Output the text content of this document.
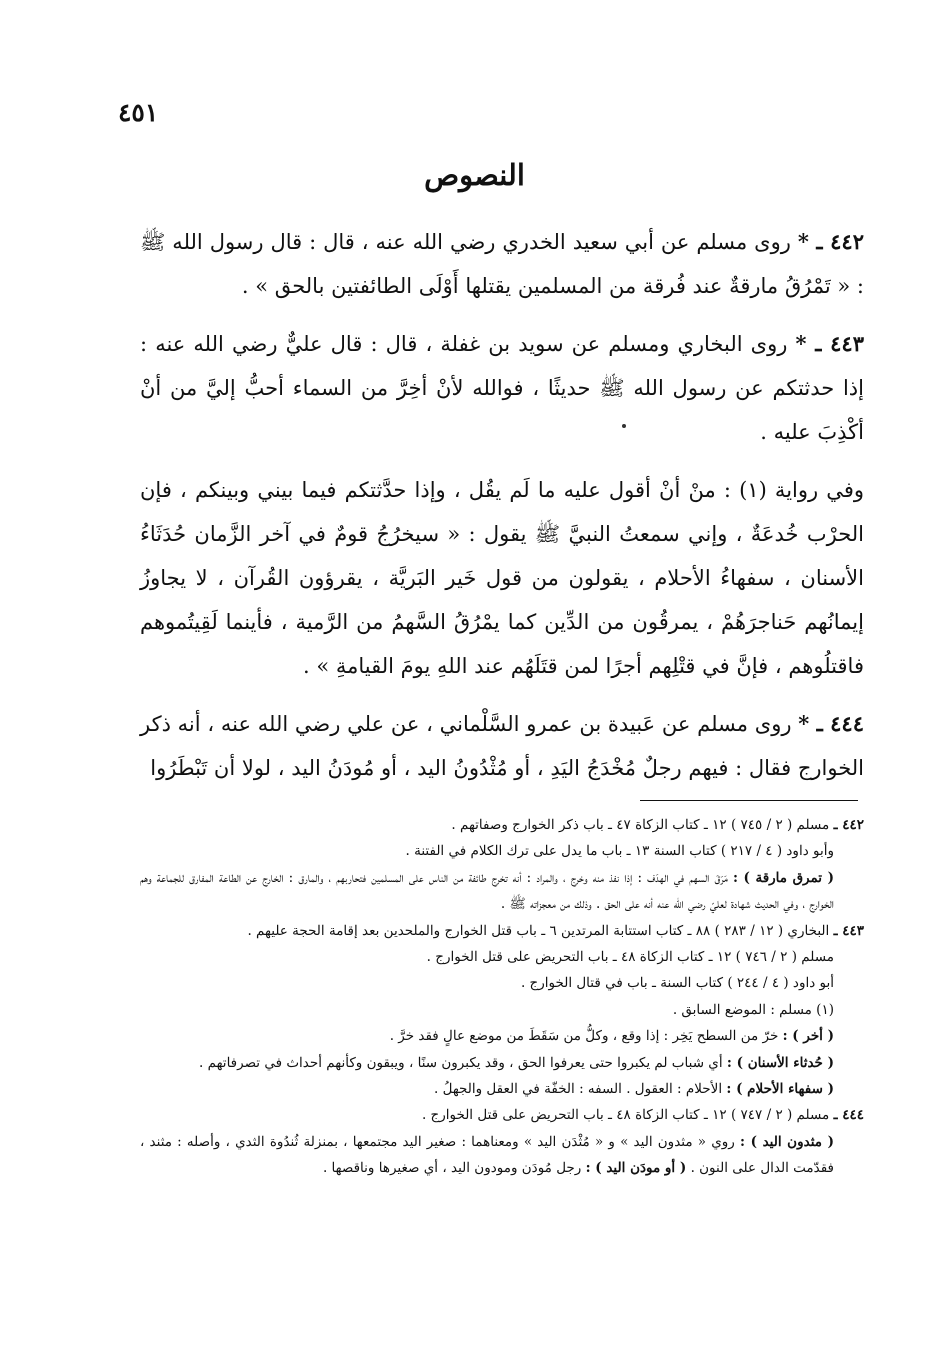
٤٥١
النصوص

٤٤٢ ـ * روى مسلم عن أبي سعيد الخدري رضي الله عنه ، قال : قال رسول الله ﷺ : « تَمْرُقُ مارقةٌ عند فُرقة من المسلمين يقتلها أَوْلَى الطائفتين بالحق » .

٤٤٣ ـ * روى البخاري ومسلم عن سويد بن غفلة ، قال : قال عليٌّ رضي الله عنه : إذا حدثتكم عن رسول الله ﷺ حديثًا ، فوالله لأنْ أخِرَّ من السماء أحبُّ إليَّ من أنْ أكْذِبَ عليه .

وفي رواية (١) : منْ أنْ أقول عليه ما لَم يقُل ، وإذا حدَّثتكم فيما بيني وبينكم ، فإن الحرْب خُدعَةٌ ، وإني سمعتُ النبيَّ ﷺ يقول : « سيخرُجُ قومٌ في آخر الزَّمان حُدَثَاءُ الأسنان ، سفهاءُ الأحلام ، يقولون من قول خَير البَريَّة ، يقرؤون القُرآن ، لا يجاوزُ إيمانُهم حَناجرَهُمْ ، يمرقُون من الدِّين كما يمْرُقُ السَّهمُ من الرَّمية ، فأينما لَقِيتُموهم فاقتلُوهم ، فإنَّ في قتْلِهم أجرًا لمن قتَلَهُم عند اللهِ يومَ القيامةِ » .

٤٤٤ ـ * روى مسلم عن عَبيدة بن عمرو السَّلْماني ، عن علي رضي الله عنه ، أنه ذكر الخوارج فقال : فيهم رجلٌ مُخْدَجُ اليَدِ ، أو مُثْدُونُ اليد ، أو مُودَنُ اليد ، لولا أن تَبْطَرُوا

٤٤٢ ـ مسلم ( ٢ / ٧٤٥ ) ١٢ ـ كتاب الزكاة ٤٧ ـ باب ذكر الخوارج وصفاتهم .

وأبو داود ( ٤ / ٢١٧ ) كتاب السنة ١٣ ـ باب ما يدل على ترك الكلام في الفتنة .

( تمرق مارقة ) : مَرَقَ السهم في الهدَف : إذا نفذ منه وخرج ، والمراد : أنه تخرج طائفة من الناس على المسلمين فتحاربهم ، والمارق : الخارج عن الطاعة المفارق للجماعة وهم الخوارج ، وفي الحديث شهادة لعليّ رضي الله عنه أنه على الحق . وذلك من معجزاته ﷺ .

٤٤٣ ـ البخاري ( ١٢ / ٢٨٣ ) ٨٨ ـ كتاب استتابة المرتدين ٦ ـ باب قتل الخوارج والملحدين بعد إقامة الحجة عليهم .

مسلم ( ٢ / ٧٤٦ ) ١٢ ـ كتاب الزكاة ٤٨ ـ باب التحريض على قتل الخوارج .

أبو داود ( ٤ / ٢٤٤ ) كتاب السنة ـ باب في قتال الخوارج .

(١) مسلم : الموضع السابق .

( أخر ) : خرّ من السطح يَخِر : إذا وقع ، وكلُّ من سَقَطَ من موضع عالٍ فقد خرَّ .

( حُدثاء الأسنان ) : أي شباب لم يكبروا حتى يعرفوا الحق ، وقد يكبرون سنًا ، ويبقون وكأنهم أحداث في تصرفاتهم .

( سفهاء الأحلام ) : الأحلام : العقول . السفه : الخفّة في العقل والجهلُ .

٤٤٤ ـ مسلم ( ٢ / ٧٤٧ ) ١٢ ـ كتاب الزكاة ٤٨ ـ باب التحريض على قتل الخوارج .

( مثدون اليد ) : روي « مثدون اليد » و « مُثْدَن اليد » ومعناهما : صغير اليد مجتمعها ، بمنزلة ثُندُوة الثدي ، وأصله : مثند ، فقدّمت الدال على النون . ( أو مودَن اليد ) : رجل مُودَن ومودون اليد ، أي صغيرها وناقصها .
